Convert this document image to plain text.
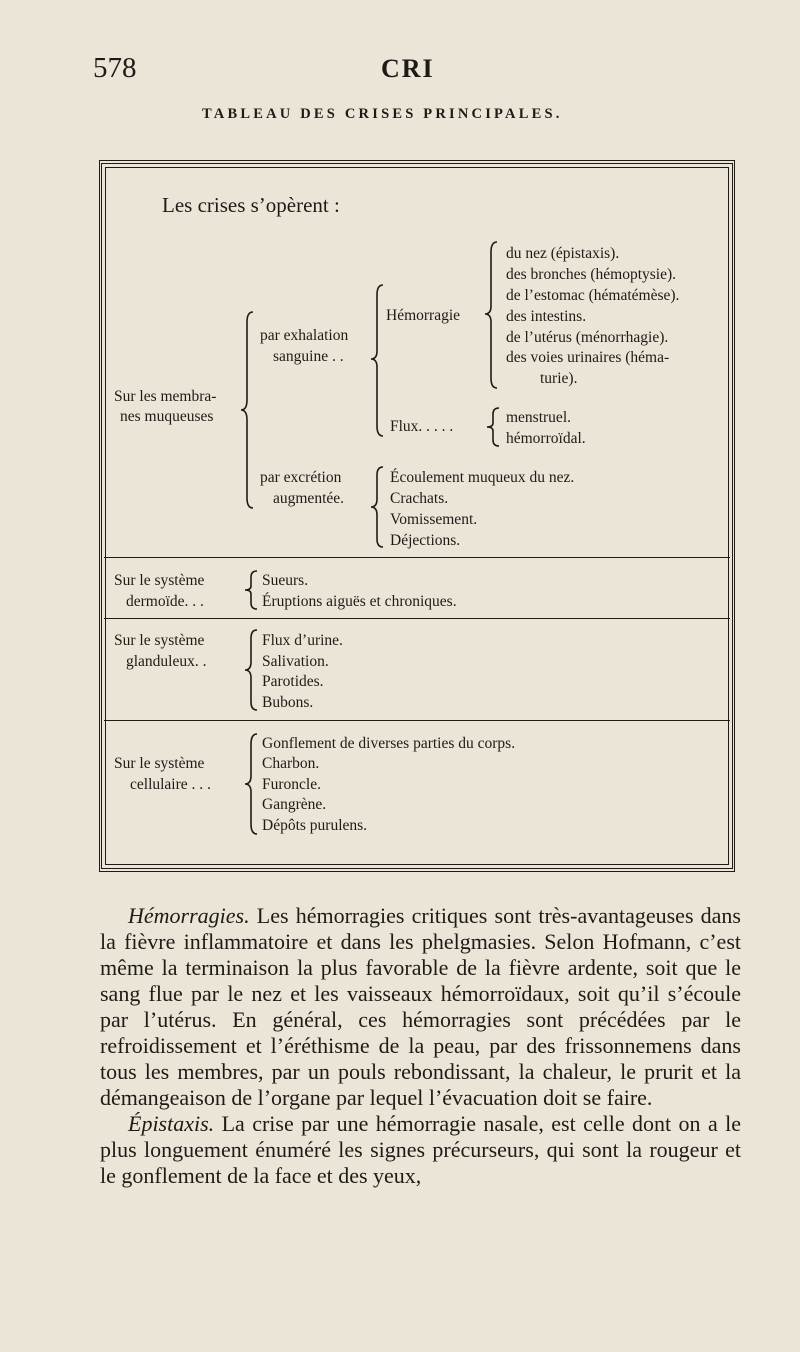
578	CRI
TABLEAU DES CRISES PRINCIPALES.
Les crises s’opèrent :
Sur les membra-
nes muqueuses
par exhalation
sanguine . .
Hémorragie
du nez (épistaxis).
des bronches (hémoptysie).
de l’estomac (hématémèse).
des intestins.
de l’utérus (ménorrhagie).
des voies urinaires (héma-
turie).
Flux. . . . .
menstruel.
hémorroïdal.
par excrétion
augmentée.
Écoulement muqueux du nez.
Crachats.
Vomissement.
Déjections.
Sur le système
dermoïde. . .
Sueurs.
Éruptions aiguës et chroniques.
Sur le système
glanduleux. .
Flux d’urine.
Salivation.
Parotides.
Bubons.
Sur le système
cellulaire . . .
Gonflement de diverses parties du corps.
Charbon.
Furoncle.
Gangrène.
Dépôts purulens.

Hémorragies. Les hémorragies critiques sont très-avantageuses dans la fièvre inflammatoire et dans les phelgmasies. Selon Hofmann, c’est même la terminaison la plus favorable de la fièvre ardente, soit que le sang flue par le nez et les vaisseaux hémorroïdaux, soit qu’il s’écoule par l’utérus. En général, ces hémorragies sont précédées par le refroidissement et l’éréthisme de la peau, par des frissonnemens dans tous les membres, par un pouls rebondissant, la chaleur, le prurit et la démangeaison de l’organe par lequel l’évacuation doit se faire.

Épistaxis. La crise par une hémorragie nasale, est celle dont on a le plus longuement énuméré les signes précurseurs, qui sont la rougeur et le gonflement de la face et des yeux,
